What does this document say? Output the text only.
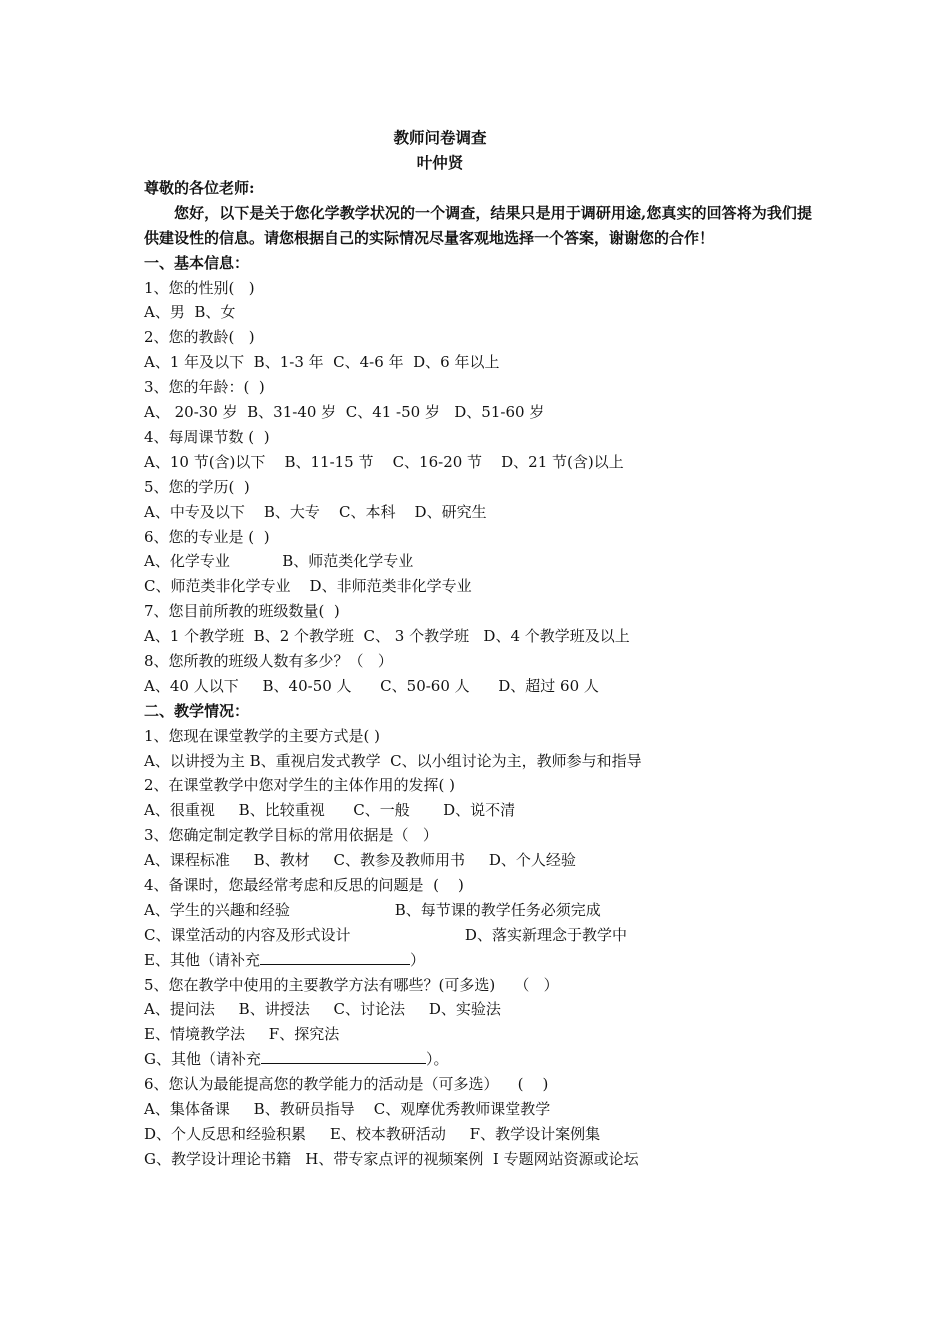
教师问卷调查
叶仲贤
尊敬的各位老师:
您好，以下是关于您化学教学状况的一个调查，结果只是用于调研用途,您真实的回答将为我们提供建设性的信息。请您根据自己的实际情况尽量客观地选择一个答案，谢谢您的合作！
一、基本信息：
1、您的性别(   )
A、男  B、女
2、您的教龄(   )
A、1 年及以下  B、1-3 年  C、4-6 年  D、6 年以上
3、您的年龄：(  )
A、 20-30 岁  B、31-40 岁  C、41 -50 岁   D、51-60 岁
4、每周课节数 (  )
A、10 节(含)以下    B、11-15 节    C、16-20 节    D、21 节(含)以上
5、您的学历(  )
A、中专及以下    B、大专    C、本科    D、研究生
6、您的专业是 (  )
A、化学专业           B、师范类化学专业
C、师范类非化学专业    D、非师范类非化学专业
7、您目前所教的班级数量(  )
A、1 个教学班  B、2 个教学班  C、 3 个教学班   D、4 个教学班及以上
8、您所教的班级人数有多少？（   ）
A、40 人以下     B、40-50 人      C、50-60 人      D、超过 60 人
二、教学情况：
1、您现在课堂教学的主要方式是( )
A、以讲授为主 B、重视启发式教学  C、以小组讨论为主，教师参与和指导
2、在课堂教学中您对学生的主体作用的发挥( )
A、很重视     B、比较重视      C、一般       D、说不清
3、您确定制定教学目标的常用依据是（   ）
A、课程标准     B、教材     C、教参及教师用书     D、个人经验
4、备课时，您最经常考虑和反思的问题是  (    )
A、学生的兴趣和经验                      B、每节课的教学任务必须完成
C、课堂活动的内容及形式设计                        D、落实新理念于教学中
E、其他（请补充	）
5、您在教学中使用的主要教学方法有哪些？(可多选)    （   ）
A、提问法     B、讲授法     C、讨论法     D、实验法
E、情境教学法     F、探究法
G、其他（请补充	）。
6、您认为最能提高您的教学能力的活动是（可多选）    (    )
A、集体备课     B、教研员指导    C、观摩优秀教师课堂教学
D、个人反思和经验积累     E、校本教研活动     F、教学设计案例集
G、教学设计理论书籍   H、带专家点评的视频案例  I 专题网站资源或论坛
